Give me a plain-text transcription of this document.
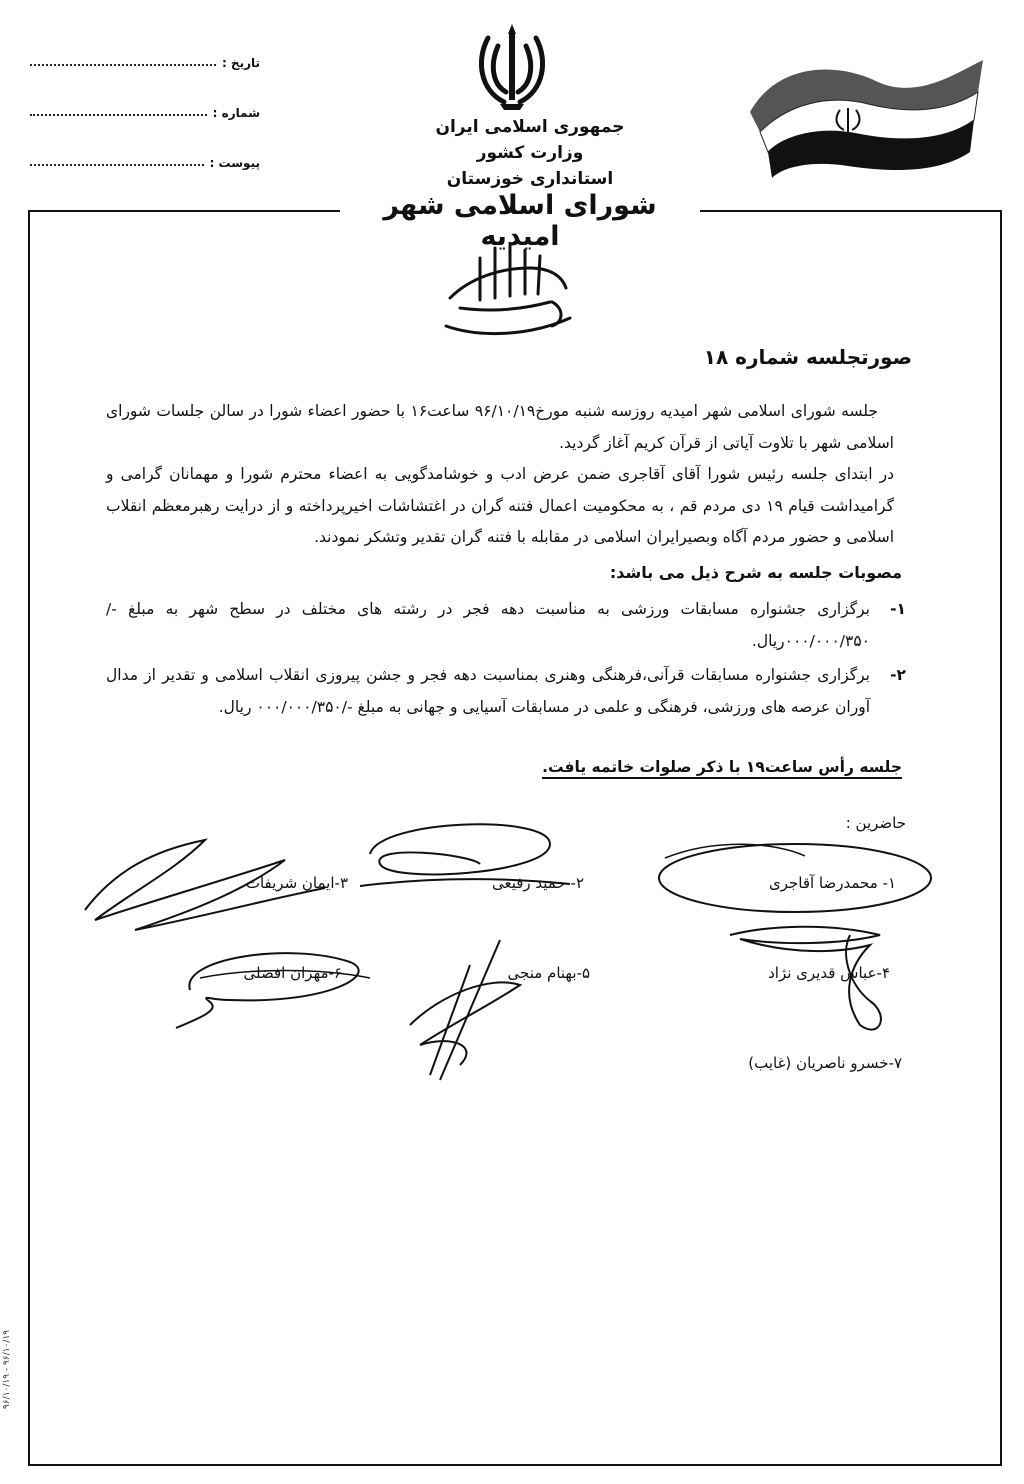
تاریخ :
شماره :
پیوست :
جمهوری اسلامی ایران
وزارت کشور
استانداری خوزستان
شورای اسلامی شهر امیدیه
صورتجلسه شماره ۱۸

جلسه شورای اسلامی شهر امیدیه روزسه شنبه مورخ۹۶/۱۰/۱۹ ساعت۱۶ با حضور اعضاء شورا در سالن جلسات شورای اسلامی شهر با تلاوت آیاتی از قرآن کریم آغاز گردید.

در ابتدای جلسه رئیس شورا آقای آقاجری ضمن عرض ادب و خوشامدگویی به اعضاء محترم شورا و مهمانان گرامی و گرامیداشت قیام ۱۹ دی مردم قم ، به محکومیت اعمال فتنه گران در اغتشاشات اخیرپرداخته و از درایت رهبرمعظم انقلاب اسلامی و حضور مردم آگاه وبصیرایران اسلامی در مقابله با فتنه گران تقدیر وتشکر نمودند.

مصوبات جلسه به شرح ذیل می باشد:
۱-
برگزاری جشنواره مسابقات ورزشی به مناسبت دهه فجر در رشته های مختلف در سطح شهر به مبلغ -/۰۰۰/۰۰۰/۳۵۰ریال.
۲-
برگزاری جشنواره مسابقات قرآنی،فرهنگی وهنری بمناسبت دهه فجر و جشن پیروزی انقلاب اسلامی و تقدیر از مدال آوران عرصه های ورزشی، فرهنگی و علمی در مسابقات آسیایی و جهانی به مبلغ -/۰۰۰/۰۰۰/۳۵۰ ریال.
جلسه رأس ساعت۱۹ با ذکر صلوات خاتمه یافت.
حاضرین :
۱- محمدرضا آقاجری
۲- حمید رفیعی
۳-ایمان شریفات
۴-عباس قدیری نژاد
۵-بهنام منجی
۶-مهران افضلی
۷-خسرو ناصریان (غایب)
۹۶/۱۰/۱۹ - ۹۶/۱۰/۱۹
